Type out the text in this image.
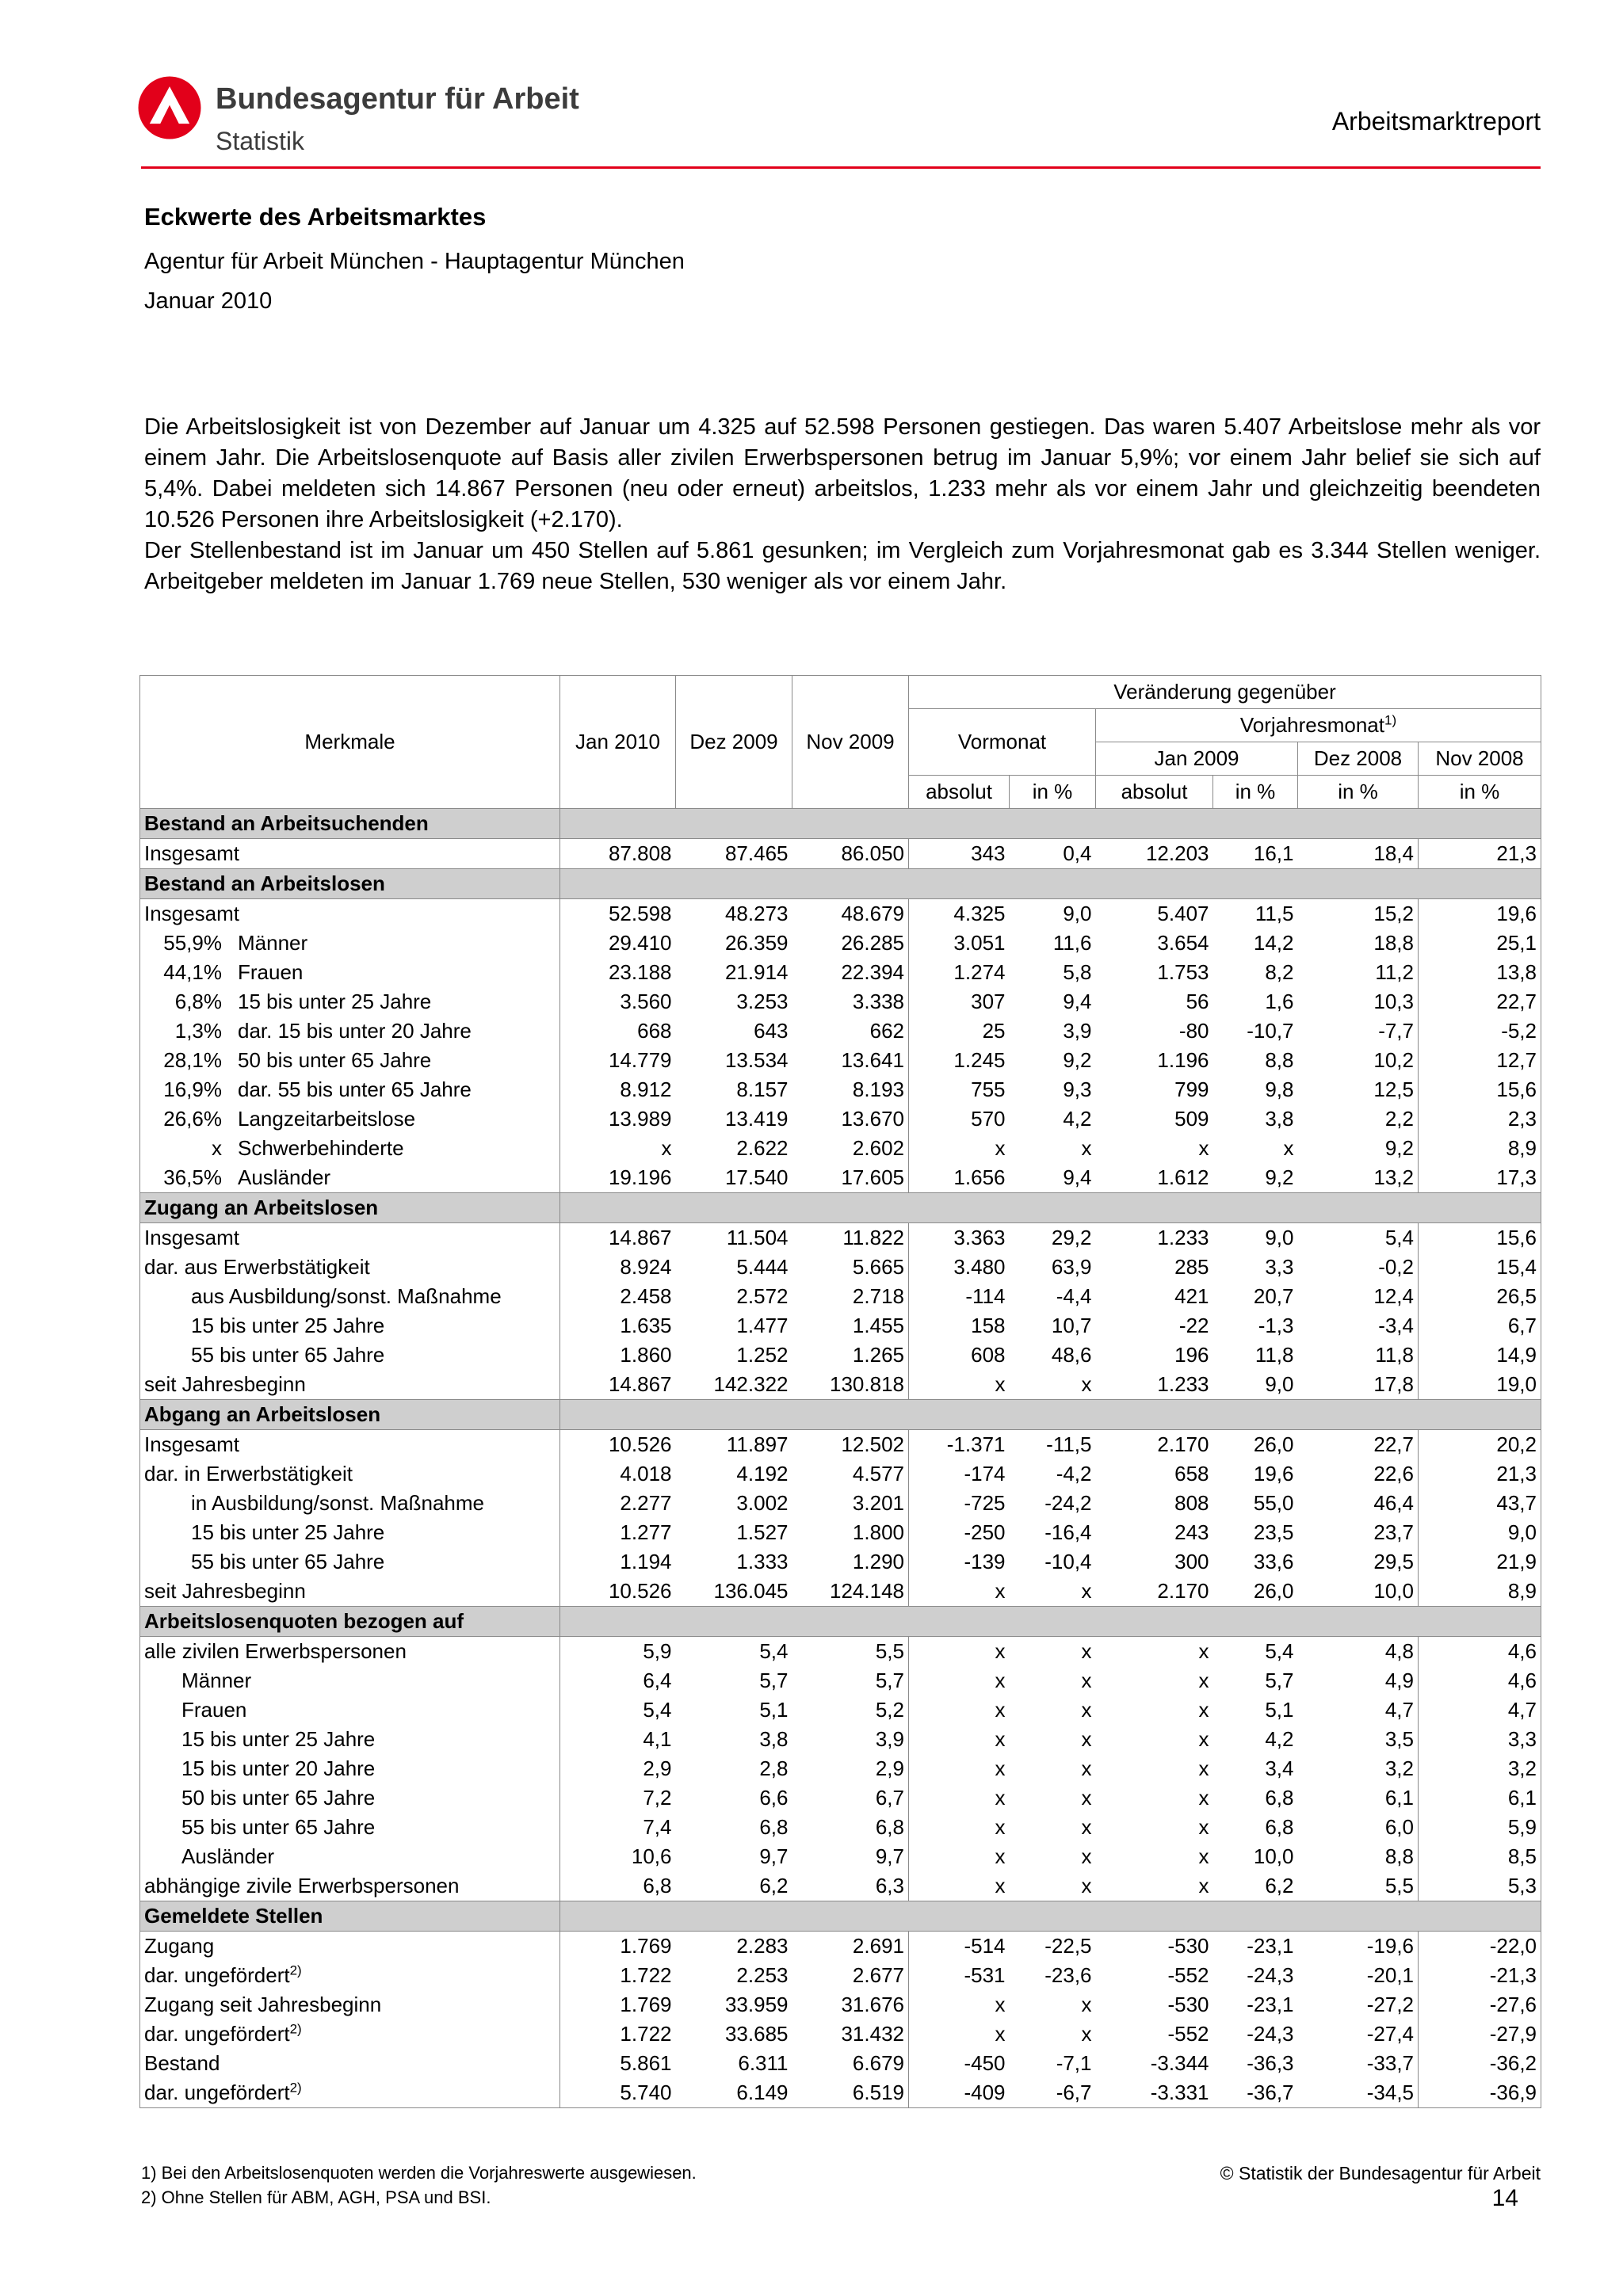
Bundesagentur für Arbeit
Statistik
Arbeitsmarktreport
Eckwerte des Arbeitsmarktes
Agentur für Arbeit München - Hauptagentur München
Januar 2010
Die Arbeitslosigkeit ist von Dezember auf Januar um 4.325 auf 52.598 Personen gestiegen. Das waren 5.407 Arbeitslose mehr als vor einem Jahr. Die Arbeitslosenquote auf Basis aller zivilen Erwerbspersonen betrug im Januar 5,9%; vor einem Jahr belief sie sich auf 5,4%. Dabei meldeten sich 14.867 Personen (neu oder erneut) arbeitslos, 1.233 mehr als vor einem Jahr und gleichzeitig beendeten 10.526 Personen ihre Arbeitslosigkeit (+2.170).
Der Stellenbestand ist im Januar um 450 Stellen auf 5.861 gesunken; im Vergleich zum Vorjahresmonat gab es 3.344 Stellen weniger. Arbeitgeber meldeten im Januar 1.769 neue Stellen, 530 weniger als vor einem Jahr.
Merkmale	Jan 2010	Dez 2009	Nov 2009	Veränderung gegenüber					
				Vormonat		Vorjahresmonat$^{1)}$
						Jan 2009		Dez 2008	Nov 2008
				absolut	in %	absolut	in %	in %	in %
Bestand an Arbeitsuchenden									
Insgesamt	87.808	87.465	86.050	343	0,4	12.203	16,1	18,4	21,3
Bestand an Arbeitslosen									
Insgesamt	52.598	48.273	48.679	4.325	9,0	5.407	11,5	15,2	19,6
55,9% Männer	29.410	26.359	26.285	3.051	11,6	3.654	14,2	18,8	25,1
44,1% Frauen	23.188	21.914	22.394	1.274	5,8	1.753	8,2	11,2	13,8
6,8% 15 bis unter 25 Jahre	3.560	3.253	3.338	307	9,4	56	1,6	10,3	22,7
1,3% dar. 15 bis unter 20 Jahre	668	643	662	25	3,9	-80	-10,7	-7,7	-5,2
28,1% 50 bis unter 65 Jahre	14.779	13.534	13.641	1.245	9,2	1.196	8,8	10,2	12,7
16,9% dar. 55 bis unter 65 Jahre	8.912	8.157	8.193	755	9,3	799	9,8	12,5	15,6
26,6% Langzeitarbeitslose	13.989	13.419	13.670	570	4,2	509	3,8	2,2	2,3
x Schwerbehinderte	x	2.622	2.602	x	x	x	x	9,2	8,9
36,5% Ausländer	19.196	17.540	17.605	1.656	9,4	1.612	9,2	13,2	17,3
Zugang an Arbeitslosen									
Insgesamt	14.867	11.504	11.822	3.363	29,2	1.233	9,0	5,4	15,6
dar. aus Erwerbstätigkeit	8.924	5.444	5.665	3.480	63,9	285	3,3	-0,2	15,4
aus Ausbildung/sonst. Maßnahme	2.458	2.572	2.718	-114	-4,4	421	20,7	12,4	26,5
15 bis unter 25 Jahre	1.635	1.477	1.455	158	10,7	-22	-1,3	-3,4	6,7
55 bis unter 65 Jahre	1.860	1.252	1.265	608	48,6	196	11,8	11,8	14,9
seit Jahresbeginn	14.867	142.322	130.818	x	x	1.233	9,0	17,8	19,0
Abgang an Arbeitslosen									
Insgesamt	10.526	11.897	12.502	-1.371	-11,5	2.170	26,0	22,7	20,2
dar. in Erwerbstätigkeit	4.018	4.192	4.577	-174	-4,2	658	19,6	22,6	21,3
in Ausbildung/sonst. Maßnahme	2.277	3.002	3.201	-725	-24,2	808	55,0	46,4	43,7
15 bis unter 25 Jahre	1.277	1.527	1.800	-250	-16,4	243	23,5	23,7	9,0
55 bis unter 65 Jahre	1.194	1.333	1.290	-139	-10,4	300	33,6	29,5	21,9
seit Jahresbeginn	10.526	136.045	124.148	x	x	2.170	26,0	10,0	8,9
Arbeitslosenquoten bezogen auf									
alle zivilen Erwerbspersonen	5,9	5,4	5,5	x	x	x	5,4	4,8	4,6
Männer	6,4	5,7	5,7	x	x	x	5,7	4,9	4,6
Frauen	5,4	5,1	5,2	x	x	x	5,1	4,7	4,7
15 bis unter 25 Jahre	4,1	3,8	3,9	x	x	x	4,2	3,5	3,3
15 bis unter 20 Jahre	2,9	2,8	2,9	x	x	x	3,4	3,2	3,2
50 bis unter 65 Jahre	7,2	6,6	6,7	x	x	x	6,8	6,1	6,1
55 bis unter 65 Jahre	7,4	6,8	6,8	x	x	x	6,8	6,0	5,9
Ausländer	10,6	9,7	9,7	x	x	x	10,0	8,8	8,5
abhängige zivile Erwerbspersonen	6,8	6,2	6,3	x	x	x	6,2	5,5	5,3
Gemeldete Stellen									
Zugang	1.769	2.283	2.691	-514	-22,5	-530	-23,1	-19,6	-22,0
dar. ungefördert$^{2)}$	1.722	2.253	2.677	-531	-23,6	-552	-24,3	-20,1	-21,3
Zugang seit Jahresbeginn	1.769	33.959	31.676	x	x	-530	-23,1	-27,2	-27,6
dar. ungefördert$^{2)}$	1.722	33.685	31.432	x	x	-552	-24,3	-27,4	-27,9
Bestand	5.861	6.311	6.679	-450	-7,1	-3.344	-36,3	-33,7	-36,2
dar. ungefördert$^{2)}$	5.740	6.149	6.519	-409	-6,7	-3.331	-36,7	-34,5	-36,9
1) Bei den Arbeitslosenquoten werden die Vorjahreswerte ausgewiesen.
2) Ohne Stellen für ABM, AGH, PSA und BSI.
© Statistik der Bundesagentur für Arbeit
14
